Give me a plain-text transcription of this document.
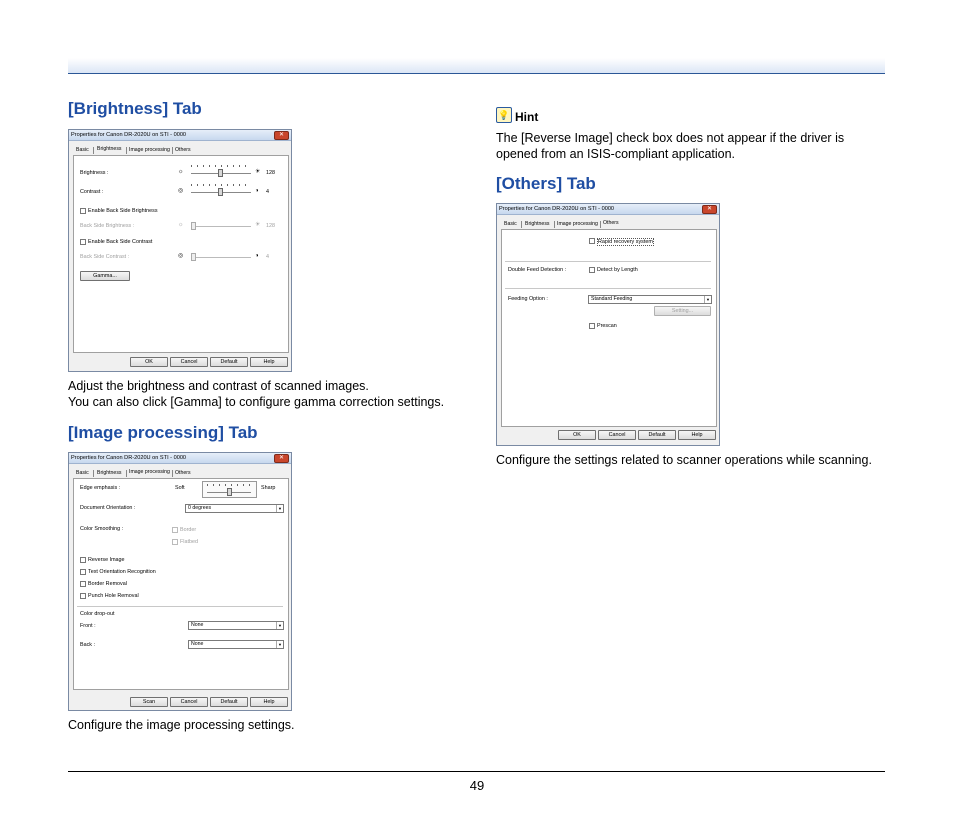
[Brightness] Tab
Properties for Canon DR-2020U on STI - 0000	✕
Basic Brightness Image processing Others
Brightness :	☼	☀ 128
Contrast :	◎	◑ 4
Enable Back Side Brightness
Back Side Brightness :	☼	☀ 128
Enable Back Side Contrast
Back Side Contrast :	◎	◑ 4
Gamma...
OK	Cancel	Default	Help
Adjust the brightness and contrast of scanned images.
You can also click [Gamma] to configure gamma correction settings.
[Image processing] Tab
Properties for Canon DR-2020U on STI - 0000	✕
Basic Brightness Image processing Others
Edge emphasis :	Soft	Sharp
Document Orientation :	0 degrees	▼
Color Smoothing :	Border
Flatbed
Reverse Image
Text Orientation Recognition
Border Removal
Punch Hole Removal
Color drop-out
Front :	None	▼
Back :	None	▼
Scan	Cancel	Default	Help
Configure the image processing settings.
💡 Hint
The [Reverse Image] check box does not appear if the driver is
opened from an ISIS-compliant application.
[Others] Tab
Properties for Canon DR-2020U on STI - 0000	✕
Basic Brightness Image processing Others
Rapid recovery system
Double Feed Detection :	Detect by Length
Feeding Option :	Standard Feeding	▼
Setting...
Prescan
OK	Cancel	Default	Help
Configure the settings related to scanner operations while scanning.
49
